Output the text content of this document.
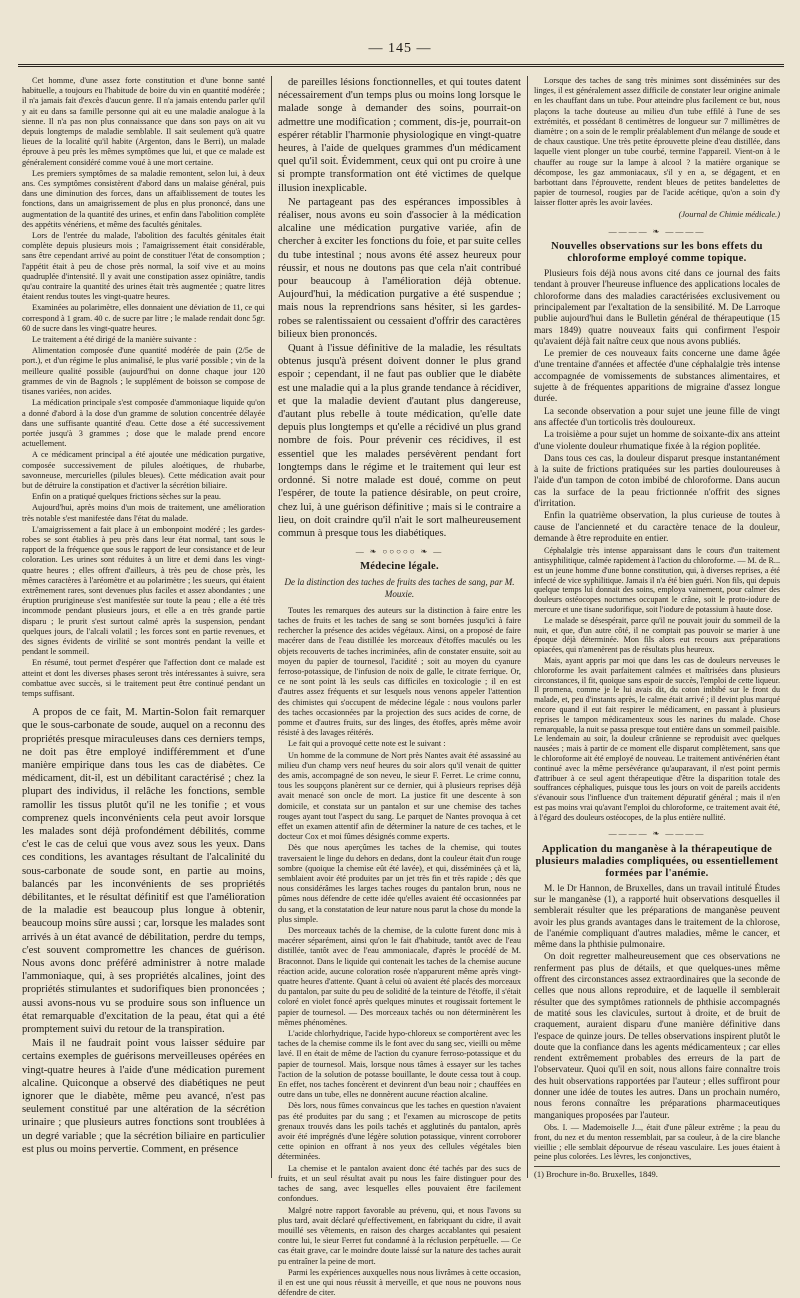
— 145 —

Cet homme, d'une assez forte constitution et d'une bonne santé habituelle, a toujours eu l'habitude de boire du vin en quantité modérée ; il n'a jamais fait d'excès d'aucun genre. Il n'a jamais entendu parler qu'il y ait eu dans sa famille personne qui ait eu une maladie analogue à la sienne. Il n'a pas non plus connaissance que dans son pays on ait vu depuis longtemps de maladie semblable. Il sait seulement qu'à quatre lieues de la localité qu'il habite (Argenton, dans le Berri), un malade éprouve à peu près les mêmes symptômes que lui, et que ce malade est généralement considéré comme voué à une mort certaine.

Les premiers symptômes de sa maladie remontent, selon lui, à deux ans. Ces symptômes consistèrent d'abord dans un malaise général, puis dans une diminution des forces, dans un affaiblissement de toutes les fonctions, dans un amaigrissement de plus en plus prononcé, dans une augmentation de la quantité des urines, et enfin dans l'abolition complète des appétits vénériens, et même des facultés génitales.

Lors de l'entrée du malade, l'abolition des facultés génitales était complète depuis plusieurs mois ; l'amaigrissement était considérable, sans être cependant arrivé au point de constituer l'état de consomption ; l'appétit était à peu de chose près normal, la soif vive et au moins quadruplée d'intensité. Il y avait une constipation assez opiniâtre, tandis qu'au contraire la quantité des urines était très augmentée ; quatre litres étaient rendus toutes les vingt-quatre heures.

Examinées au polarimètre, elles donnaient une déviation de 11, ce qui correspond à 1 gram. 40 c. de sucre par litre ; le malade rendait donc 5gr. 60 de sucre dans les vingt-quatre heures.

Le traitement a été dirigé de la manière suivante :

Alimentation composée d'une quantité modérée de pain (2/5e de port.), et d'un régime le plus animalisé, le plus varié possible ; vin de la meilleure qualité possible (aujourd'hui on donne chaque jour 120 grammes de vin de Bagnols ; le supplément de boisson se compose de tisanes variées, non acides.

La médication principale s'est composée d'ammoniaque liquide qu'on a donné d'abord à la dose d'un gramme de solution concentrée délayée dans une suffisante quantité d'eau. Cette dose a été successivement portée jusqu'à 3 grammes ; dose que le malade prend encore actuellement.

A ce médicament principal a été ajoutée une médication purgative, composée successivement de pilules aloétiques, de rhubarbe, savonneuse, mercurielles (pilules bleues). Cette médication avait pour but de détruire la constipation et d'activer la sécrétion biliaire.

Enfin on a pratiqué quelques frictions sèches sur la peau.

Aujourd'hui, après moins d'un mois de traitement, une amélioration très notable s'est manifestée dans l'état du malade.

L'amaigrissement a fait place à un embonpoint modéré ; les gardes-robes se sont établies à peu près dans leur état normal, tant sous le rapport de la fréquence que sous le rapport de leur consistance et de leur coloration. Les urines sont réduites à un litre et demi dans les vingt-quatre heures ; elles offrent d'ailleurs, à très peu de chose près, les mêmes caractères à l'aréomètre et au polarimètre ; les sueurs, qui étaient extrêmement rares, sont devenues plus faciles et assez abondantes ; une éruption prurigineuse s'est manifestée sur toute la peau ; elle a été très incommode pendant plusieurs jours, et elle a en très grande partie disparu ; le prurit s'est surtout calmé après la suspension, pendant quelques jours, de l'alcali volatil ; les forces sont en partie revenues, et des signes évidents de virilité se sont montrés pendant la veille et pendant le sommeil.

En résumé, tout permet d'espérer que l'affection dont ce malade est atteint et dont les diverses phases seront très intéressantes à suivre, sera combattue avec succès, si le traitement peut être continué pendant un temps suffisant.

A propos de ce fait, M. Martin-Solon fait remarquer que le sous-carbonate de soude, auquel on a reconnu des propriétés presque miraculeuses dans ces derniers temps, ne doit pas être employé indifféremment et d'une manière empirique dans tous les cas de diabètes. Ce médicament, dit-il, est un débilitant caractérisé ; chez la plupart des individus, il relâche les fonctions, semble ramollir les tissus plutôt qu'il ne les tonifie ; et vous comprenez quels inconvénients cela peut avoir lorsque les malades sont déjà profondément débilités, comme c'est le cas de celui que vous avez sous les yeux. Dans ces conditions, les avantages résultant de l'alcalinité du sous-carbonate de soude sont, en partie au moins, balancés par les inconvénients de ses propriétés débilitantes, et le résultat définitif est que l'amélioration de la maladie est beaucoup plus longue à obtenir, beaucoup moins sûre aussi ; car, lorsque les malades sont arrivés à un état avancé de débilitation, perdre du temps, c'est souvent compromettre les chances de guérison. Nous avons donc préféré administrer à notre malade l'ammoniaque, qui, à ses propriétés alcalines, joint des propriétés stimulantes et sudorifiques bien prononcées ; aussi avons-nous vu se produire sous son influence un état remarquable d'excitation de la peau, état qui a été promptement suivi du retour de la transpiration.

Mais il ne faudrait point vous laisser séduire par certains exemples de guérisons merveilleuses opérées en vingt-quatre heures à l'aide d'une médication purement alcaline. Quiconque a observé des diabétiques ne peut ignorer que le diabète, même peu avancé, n'est pas seulement constitué par une altération de la sécrétion urinaire ; que plusieurs autres fonctions sont troublées à un degré variable ; que la sécrétion biliaire en particulier est plus ou moins pervertie. Comment, en présence

de pareilles lésions fonctionnelles, et qui toutes datent nécessairement d'un temps plus ou moins long lorsque le malade songe à demander des soins, pourrait-on admettre une modification ; comment, dis-je, pourrait-on espérer rétablir l'harmonie physiologique en vingt-quatre heures, à l'aide de quelques grammes d'un médicament quel qu'il soit. Évidemment, ceux qui ont pu croire à une si prompte transformation ont été victimes de quelque illusion inexplicable.

Ne partageant pas des espérances impossibles à réaliser, nous avons eu soin d'associer à la médication alcaline une médication purgative variée, afin de chercher à exciter les fonctions du foie, et par suite celles du tube intestinal ; nous avons été assez heureux pour réussir, et nous ne doutons pas que cela n'ait contribué pour beaucoup à l'amélioration déjà obtenue. Aujourd'hui, la médication purgative a été suspendue ; mais nous la reprendrions sans hésiter, si les gardes-robes se ralentissaient ou cessaient d'offrir des caractères bilieux bien prononcés.

Quant à l'issue définitive de la maladie, les résultats obtenus jusqu'à présent doivent donner le plus grand espoir ; cependant, il ne faut pas oublier que le diabète est une maladie qui a la plus grande tendance à récidiver, et que la maladie devient d'autant plus dangereuse, d'autant plus rebelle à toute médication, qu'elle date depuis plus longtemps et qu'elle a récidivé un plus grand nombre de fois. Pour prévenir ces récidives, il est essentiel que les malades persévèrent pendant fort longtemps dans le régime et le traitement qui leur est ordonné. Si notre malade est doué, comme on peut l'espérer, de toute la patience désirable, on peut croire, chez lui, à une guérison définitive ; mais si le contraire a lieu, on doit craindre qu'il n'ait le sort malheureusement commun à presque tous les diabétiques.

— ❧ ○○○○○ ❧ —
Médecine légale.
De la distinction des taches de fruits des taches de sang, par M. Mouxie.

Toutes les remarques des auteurs sur la distinction à faire entre les taches de fruits et les taches de sang se sont bornées jusqu'ici à faire rechercher la présence des acides végétaux. Ainsi, on a proposé de faire macérer dans de l'eau distillée les morceaux d'étoffes maculés ou les objets recouverts de taches incriminées, afin de constater ensuite, soit au moyen du papier de tournesol, l'acidité ; soit au moyen du cyanure ferroso-potassique, de l'infusion de noix de galle, le citrate ferrique. Or, ce ne sont point là les seuls cas difficiles en toxicologie ; il en est d'autres assez fréquents et sur lesquels nous venons appeler l'attention des chimistes qui s'occupent de médecine légale : nous voulons parler des taches occasionnées par la projection des sucs acides de corne, de pomme et d'autres fruits, sur des linges, des étoffes, après même avoir résisté à des lavages réitérés.

Le fait qui a provoqué cette note est le suivant :

Un homme de la commune de Nort près Nantes avait été assassiné au milieu d'un champ vers neuf heures du soir alors qu'il venait de quitter des amis, accompagné de son neveu, le sieur F. Ferret. Le crime connu, tous les soupçons planèrent sur ce dernier, qui à plusieurs reprises déjà avait menacé son oncle de mort. La justice fit une descente à son domicile, et constata sur un pantalon et sur une chemise des taches rouges ayant tout l'aspect du sang. Le parquet de Nantes provoqua à cet effet un examen attentif afin de déterminer la nature de ces taches, et le docteur Cox et moi fûmes désignés comme experts.

Dès que nous aperçûmes les taches de la chemise, qui toutes traversaient le linge du dehors en dedans, dont la couleur était d'un rouge sombre (quoique la chemise eût été lavée), et qui, disséminées çà et là, semblaient avoir été produites par un jet très fin et très rapide ; dès que nous considérâmes les larges taches rouges du pantalon brun, nous ne pûmes nous défendre de cette idée qu'elles avaient été occasionnées par du sang, et la constatation de leur nature nous parut la chose du monde la plus simple.

Des morceaux tachés de la chemise, de la culotte furent donc mis à macérer séparément, ainsi qu'on le fait d'habitude, tantôt avec de l'eau distillée, tantôt avec de l'eau ammoniacale, d'après le procédé de M. Braconnot. Dans le liquide qui contenait les taches de la chemise aucune réaction acide, aucune coloration rosée n'apparurent même après vingt-quatre heures d'attente. Quant à celui où avaient été placés des morceaux du pantalon, par suite du peu de solidité de la teinture de l'étoffe, il s'était coloré en violet foncé après quelques minutes et rougissait fortement le papier de tournesol. — Des morceaux tachés ou non déterminèrent les mêmes phénomènes.

L'acide chlorhydrique, l'acide hypo-chloreux se comportèrent avec les taches de la chemise comme ils le font avec du sang sec, vieilli ou même lavé. Il en était de même de l'action du cyanure ferroso-potassique et du papier de tournesol. Mais, lorsque nous tâmes à essayer sur les taches l'action de la solution de potasse bouillante, le doute cessa tout à coup. En effet, nos taches foncèrent et devinrent d'un beau noir ; chauffées en outre dans un tube, elles ne donnèrent aucune réaction alcaline.

Dès lors, nous fûmes convaincus que les taches en question n'avaient pas été produites par du sang ; et l'examen au microscope de petits grenaux trouvés dans les poils tachés et agglutinés du pantalon, après avoir été imprégnés d'une légère solution potassique, vinrent corroborer cette opinion en offrant à nos yeux des cellules végétales bien déterminées.

La chemise et le pantalon avaient donc été tachés par des sucs de fruits, et un seul résultat avait pu nous les faire distinguer pour des taches de sang, avec lesquelles elles pouvaient être facilement confondues.

Malgré notre rapport favorable au prévenu, qui, et nous l'avons su plus tard, avait déclaré qu'effectivement, en fabriquant du cidre, il avait mouillé ses vêtements, en raison des charges accablantes qui pesaient contre lui, le sieur Ferret fut condamné à la réclusion perpétuelle. — Ce cas était grave, car le moindre doute laissé sur la nature des taches aurait pu entraîner la peine de mort.

Parmi les expériences auxquelles nous nous livrâmes à cette occasion, il en est une qui nous réussit à merveille, et que nous ne pouvons nous défendre de citer.

Lorsque des taches de sang très minimes sont disséminées sur des linges, il est généralement assez difficile de constater leur origine animale en les chauffant dans un tube. Pour atteindre plus facilement ce but, nous plaçons la tache douteuse au milieu d'un tube effilé à l'une de ses extrémités, et possédant 8 centimètres de longueur sur 7 millimètres de diamètre ; on a soin de le remplir préalablement d'un mélange de soude et de chaux caustique. Une très petite éprouvette pleine d'eau distillée, dans laquelle vient plonger un tube courbé, termine l'appareil. Vient-on à le chauffer au rouge sur la lampe à alcool ? la matière organique se décompose, les gaz ammoniacaux, s'il y en a, se dégagent, et en barbottant dans l'éprouvette, rendent bleues de petites bandelettes de papier de tournesol, rougies par de l'acide acétique, qu'on a soin d'y laisser flotter après les avoir lavées.

(Journal de Chimie médicale.)

———— ❧ ————
Nouvelles observations sur les bons effets du chloroforme employé comme topique.

Plusieurs fois déjà nous avons cité dans ce journal des faits tendant à prouver l'heureuse influence des applications locales de chloroforme dans des maladies caractérisées exclusivement ou principalement par l'exaltation de la sensibilité. M. De Larroque publie aujourd'hui dans le Bulletin général de thérapeutique (15 mars 1849) quatre nouveaux faits qui confirment l'espoir qu'avaient déjà fait naître ceux que nous avons publiés.

Le premier de ces nouveaux faits concerne une dame âgée d'une trentaine d'années et affectée d'une céphalalgie très intense accompagnée de vomissements de substances alimentaires, et sujette à de fréquentes apparitions de migraine d'assez longue durée.

La seconde observation a pour sujet une jeune fille de vingt ans affectée d'un torticolis très douloureux.

La troisième a pour sujet un homme de soixante-dix ans atteint d'une violente douleur rhumatique fixée à la région poplitée.

Dans tous ces cas, la douleur disparut presque instantanément à la suite de frictions pratiquées sur les parties douloureuses à l'aide d'un tampon de coton imbibé de chloroforme. Dans aucun cas la surface de la peau frictionnée n'offrit des signes d'irritation.

Enfin la quatrième observation, la plus curieuse de toutes à cause de l'ancienneté et du caractère tenace de la douleur, demande à être reproduite en entier.

Céphalalgie très intense apparaissant dans le cours d'un traitement antisyphilitique, calmée rapidement à l'action du chloroforme. — M. de R... est un jeune homme d'une bonne constitution, qui, à diverses reprises, a été infecté de vice syphilitique. Jamais il n'a été bien guéri. Non fils, qui depuis quelque temps lui donnait des soins, employa vainement, pour calmer des douleurs ostéocopes nocturnes occupant le crâne, soit le proto-iodure de mercure et une tisane sudorifique, soit l'iodure de potassium à haute dose.

Le malade se désespérait, parce qu'il ne pouvait jouir du sommeil de la nuit, et que, d'un autre côté, il ne comptait pas pouvoir se marier à une époque déjà déterminée. Mon fils alors eut recours aux préparations opiacées, qui n'amenèrent pas de résultats plus heureux.

Mais, ayant appris par moi que dans les cas de douleurs nerveuses le chloroforme les avait parfaitement calmées et maîtrisées dans plusieurs circonstances, il fit, quoique sans espoir de succès, l'emploi de cette liqueur. Il promena, comme je le lui avais dit, du coton imbibé sur le front du malade, et, peu d'instants après, le calme était arrivé ; il devint plus marqué encore quand il eut fait respirer le médicament, en passant à plusieurs reprises le tampon médicamenteux sous les narines du malade. Chose remarquable, la nuit se passa presque tout entière dans un sommeil paisible. Le lendemain au soir, la douleur crânienne se reproduisit avec quelques nausées ; mais à partir de ce moment elle disparut complètement, sans que le chloroforme ait été employé de nouveau. Le traitement antivénérien étant continué avec la même persévérance qu'auparavant, il n'est point permis d'attribuer à ce seul agent thérapeutique d'être la disparition totale des souffrances céphaliques, puisque tous les jours on voit de pareils accidents s'évanouir sous l'influence d'un traitement dépuratif général ; mais il n'en est pas moins vrai qu'avant l'emploi du chloroforme, ce traitement avait été, à l'égard des douleurs ostéocopes, de la plus entière nullité.

———— ❧ ————
Application du manganèse à la thérapeutique de plusieurs maladies compliquées, ou essentiellement formées par l'anémie.

M. le Dr Hannon, de Bruxelles, dans un travail intitulé Études sur le manganèse (1), a rapporté huit observations desquelles il semblerait résulter que les préparations de manganèse peuvent avoir les plus grands avantages dans le traitement de la chlorose, de l'anémie compliquant d'autres maladies, même le cancer, et même dans la phthisie pulmonaire.

On doit regretter malheureusement que ces observations ne renferment pas plus de détails, et que quelques-unes même offrent des circonstances assez extraordinaires que la seconde de celles que nous allons reproduire, et de laquelle il semblerait résulter que des symptômes rationnels de phthisie accompagnés de matité sous les clavicules, surtout à droite, et de bruit de craquement, auraient disparu d'une manière définitive dans l'espace de quinze jours. De telles observations inspirent plutôt le doute que la confiance dans les agents médicamenteux ; car elles rendent extrêmement probables des erreurs de la part de l'observateur. Quoi qu'il en soit, nous allons faire connaître trois des huit observations rapportées par l'auteur ; elles suffiront pour donner une idée de toutes les autres. Dans un prochain numéro, nous ferons connaître les préparations pharmaceutiques manganiques proposées par l'auteur.

Obs. I. — Mademoiselle J..., était d'une pâleur extrême ; la peau du front, du nez et du menton ressemblait, par sa couleur, à de la cire blanche vieillie ; elle semblait dépourvue de réseau vasculaire. Les joues étaient à peine plus colorées. Les lèvres, les conjonctives,

(1) Brochure in-8o. Bruxelles, 1849.
